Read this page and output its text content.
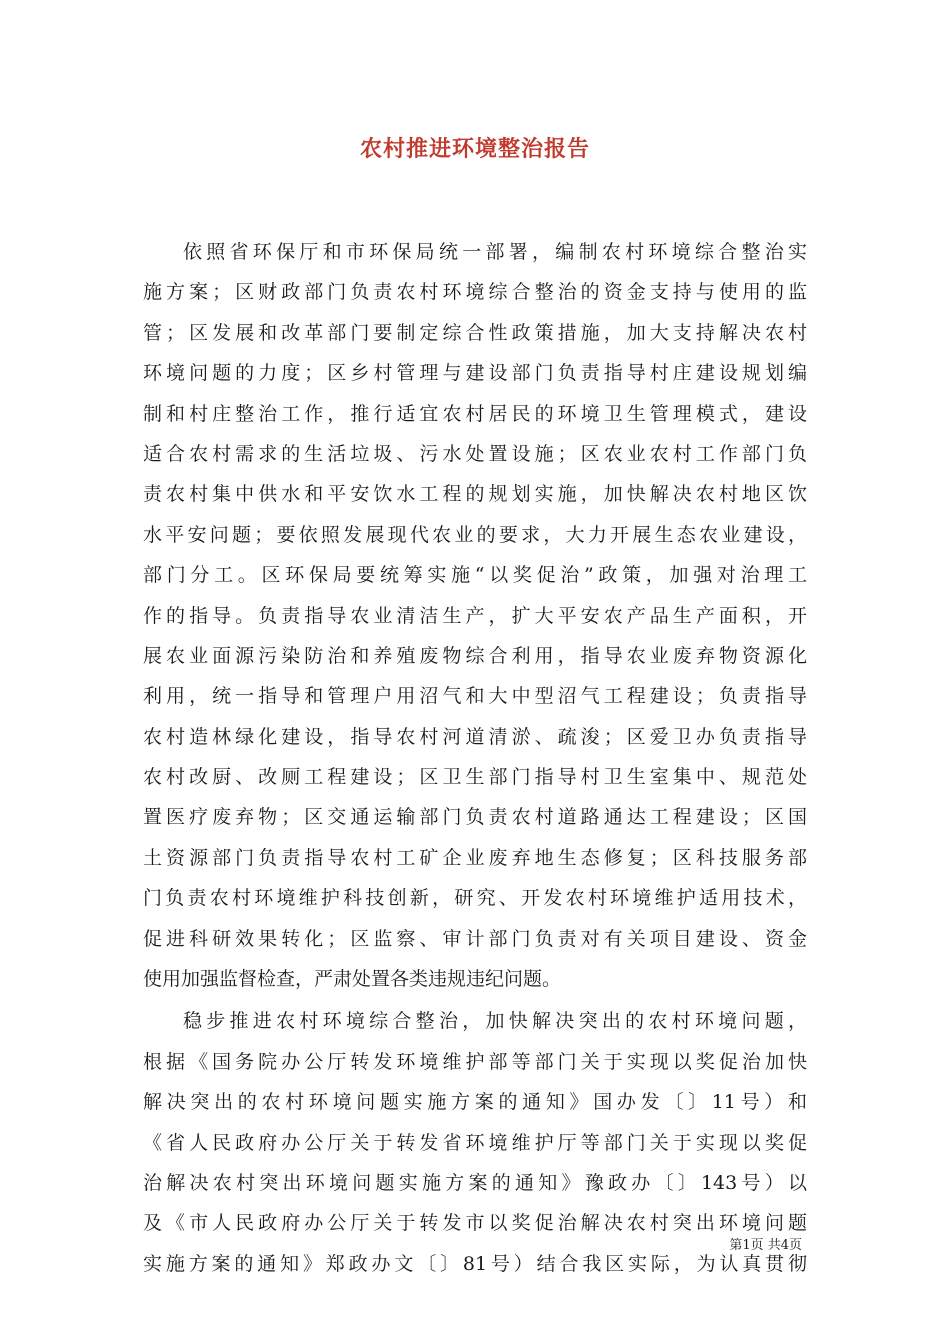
农村推进环境整治报告
依照省环保厅和市环保局统一部署，编制农村环境综合整治实
施方案；区财政部门负责农村环境综合整治的资金支持与使用的监
管；区发展和改革部门要制定综合性政策措施，加大支持解决农村
环境问题的力度；区乡村管理与建设部门负责指导村庄建设规划编
制和村庄整治工作，推行适宜农村居民的环境卫生管理模式，建设
适合农村需求的生活垃圾、污水处置设施；区农业农村工作部门负
责农村集中供水和平安饮水工程的规划实施，加快解决农村地区饮
水平安问题；要依照发展现代农业的要求，大力开展生态农业建设，
部门分工。区环保局要统筹实施“以奖促治”政策，加强对治理工
作的指导。负责指导农业清洁生产，扩大平安农产品生产面积，开
展农业面源污染防治和养殖废物综合利用，指导农业废弃物资源化
利用，统一指导和管理户用沼气和大中型沼气工程建设；负责指导
农村造林绿化建设，指导农村河道清淤、疏浚；区爱卫办负责指导
农村改厨、改厕工程建设；区卫生部门指导村卫生室集中、规范处
置医疗废弃物；区交通运输部门负责农村道路通达工程建设；区国
土资源部门负责指导农村工矿企业废弃地生态修复；区科技服务部
门负责农村环境维护科技创新，研究、开发农村环境维护适用技术，
促进科研效果转化；区监察、审计部门负责对有关项目建设、资金
使用加强监督检查，严肃处置各类违规违纪问题。
稳步推进农村环境综合整治，加快解决突出的农村环境问题，
根据《国务院办公厅转发环境维护部等部门关于实现以奖促治加快
解决突出的农村环境问题实施方案的通知》国办发〔〕11号）和
《省人民政府办公厅关于转发省环境维护厅等部门关于实现以奖促
治解决农村突出环境问题实施方案的通知》豫政办〔〕143号）以
及《市人民政府办公厅关于转发市以奖促治解决农村突出环境问题
实施方案的通知》郑政办文〔〕81号）结合我区实际，为认真贯彻
第1页 共4页
